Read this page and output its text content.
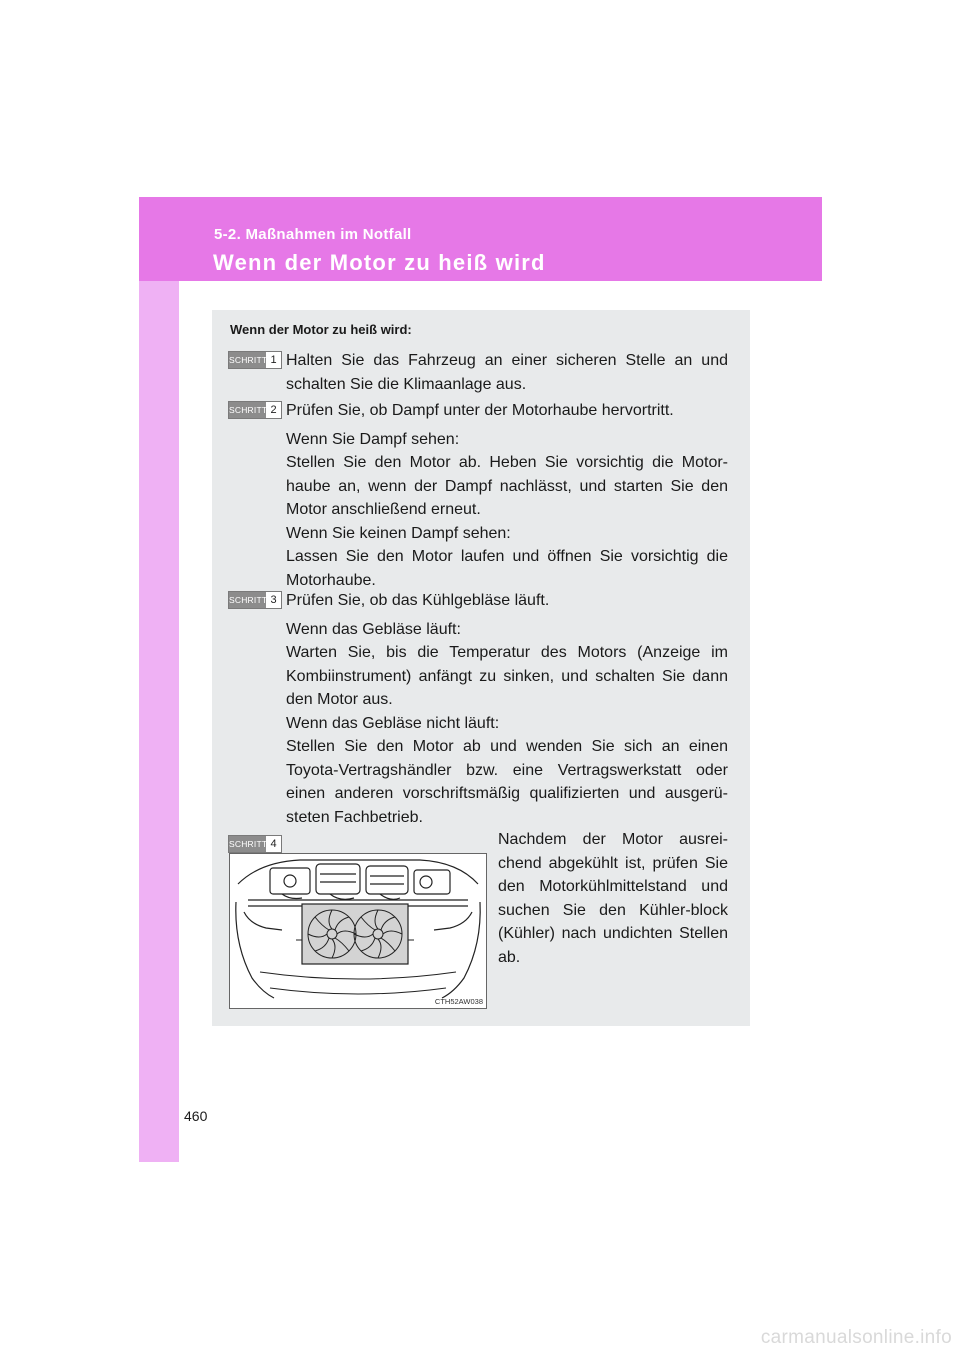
5-2. Maßnahmen im Notfall
Wenn der Motor zu heiß wird
Wenn der Motor zu heiß wird:
SCHRITT 1 Halten Sie das Fahrzeug an einer sicheren Stelle an und schalten Sie die Klimaanlage aus.

SCHRITT 2 Prüfen Sie, ob Dampf unter der Motorhaube hervortritt.

Wenn Sie Dampf sehen:

Stellen Sie den Motor ab. Heben Sie vorsichtig die Motor-haube an, wenn der Dampf nachlässt, und starten Sie den Motor anschließend erneut.

Wenn Sie keinen Dampf sehen:

Lassen Sie den Motor laufen und öffnen Sie vorsichtig die Motorhaube.

SCHRITT 3 Prüfen Sie, ob das Kühlgebläse läuft.

Wenn das Gebläse läuft:

Warten Sie, bis die Temperatur des Motors (Anzeige im Kombiinstrument) anfängt zu sinken, und schalten Sie dann den Motor aus.

Wenn das Gebläse nicht läuft:

Stellen Sie den Motor ab und wenden Sie sich an einen Toyota-Vertragshändler bzw. eine Vertragswerkstatt oder einen anderen vorschriftsmäßig qualifizierten und ausgerü-steten Fachbetrieb.

SCHRITT 4
CTH52AW038

Nachdem der Motor ausrei-chend abgekühlt ist, prüfen Sie den Motorkühlmittelstand und suchen Sie den Kühler-block (Kühler) nach undichten Stellen ab.

460
carmanualsonline.info
